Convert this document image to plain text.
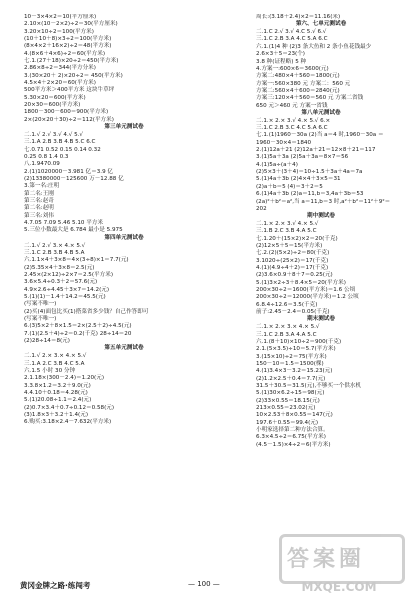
10－3×4×2＝10(平方厘米)
2.10×(10－2×2)÷2＝30(平方厘米)
3.20×10÷2＝100(平方米)
(10＋10＋8)×3÷2＝100(平方米)
(8×4×2＋16×2)÷2＝48(平方米)
4.(8×6＋4×6)÷2＝60(平方米)
七.1.(27＋18)×20÷2＝450(平方米)
2.86×8÷2＝344(平方分米)
3.(30×20＋ 2)×20÷2＝ 450(平方米)
4.5×4＋2×20＝60(平方米)
500平方米＞400平方米 这块牛草坪
5.30×20＝600(平方米)
20×30＝600(平方米)
1800－300－600＝900(平方米)
2×(20×20＋30)÷2＝112(平方米)
第三单元测试卷
二.1.√ 2.√ 3.√ 4.√ 5.√
三.1.A 2.B 3.B 4.B 5.C 6.C
七.0.71 0.52 0.15 0.14 0.32
0.25 0.8 1.4 0.3
八.1.9470.09
2.(1)1020000－3.981 亿＝3.9 亿
(2)13380000－125600 万－12.88 亿
3.第一名:庄明
第二名:王刚
第三名:赵奇
第二名:赵明
第三名:刘伟
4.7.05 7.09 5.46 5.10 平方米
5.三位小数最大是 6.784 最小是 5.975
第四单元测试卷
二.1.√ 2.√ 3.× 4.× 5.√
三.1.C 2.B 3.B 4.B 5.A
六.1.1×4＋3×8＝4×(3÷8)×1＝7.7(元)
(2)5.35×4＋3×8＝2.5(元)
2.45×(2×12)÷2×7＝2.5(平方米)
3.6×5.4÷0.3＋2＝57.6(元)
4.9×2.6÷4.45＋3×7＝14.2(元)
5.(1)(1)－1.4＋14.2＝45.5(元)
(写案不唯一)
(2)买(4)面包比买(1)搭菜省多少钱？自己作答即可
(写案不唯一)
6.(3)5×2＋8×1.5＝2×(2.5＋2)÷4.5(元)
7.(1)(2.5＋4)÷2＝0.2(千克) 28÷14＝20
(2)28÷14＝8(元)
第五单元测试卷
二.1.√ 2.× 3.× 4.× 5.√
三.1.A 2.C 3.B 4.C 5.A
六.1.5 小时 30 分钟
2.1.18×(300－2.4)＝1.20(元)
3.3.8×1.2＝3.2＋9.0(元)
4.4.10＋0.18＝4.28(元)
5.(1)20.08÷1.1＝2.4(元)
(2)0.7×3.4＋0.7÷0.12＝0.58(元)
(3)1.8×3＋3.2＋1.4(元)
6.购买:3.18×2.4－7.632(平方米)
周长:(3.18＋2.4)×2＝11.16(米)
第六、七单元测试卷
二.1.C 2.√ 3.√ 4.C 5.√ 6.√
三.1.C 2.B 3.A 4.C 5.A 6.C
六.1.(1)4 种 (2)3 条大鱼和 2 条小鱼花钱最少
2.6×3＋5＝23(个)
3.8 种(证程略) 5 种
4.方案一:600×6＝3600(元)
方案二:480×4＋560＝1800(元)
方案一:560×380 元 方案二：560 元
方案二:560×4＋600＝2840(元)
方案三:120×4＋560＝560 元 方案二省钱
650 元＞460 元 方案一省钱
第八单元测试卷
二.1.× 2.× 3.√ 4.× 5.√ 6.×
三.1.C 2.B 3.C 4.C 5.A 6.C
七.1.(1)1960－30a (2)当 a＝4 时,1960－30a ＝
1960－30×4＝1840
2.(1)12a＋21 (2)12a＋21＝12×8＋21＝117
3.(1)5a＋3a (2)5a＋3a＝8×7＝56
4.(1)5a÷(a＋4)
(2)5×3＋(3＋4)＝10÷1.5＋3a＋4a＝7a
5.(1)4a＋3b (2)4×4＋3×5＝31
(2)a＋b＝5 (4)＝3＋2＝5
6.(1)4a＋3b (2)a＝11,b＝3,4a＋3b＝53
(2a)²＋b²＝a²,当 a＝11,b＝3 时,a²＋b²＝11²＋9²＝
202
期中测试卷
二.1.× 2.× 3.√ 4.× 5.√
三.1.B 2.C 3.B 4.A 5.C
七.1.20＋(15×2)×2＝20(千克)
(2)12×5＋5＝15(平方米)
七.2.(2)(5×2)÷2＝80(千克)
3.1020÷(25×2)＝17(千克)
4.(1)(4.9÷4＋2)＝17(千克)
(2)3.6×0.9＋8＋7＝0.25(元)
5.(1)3×2÷3＋8.4×5＝20(平方米)
200×30÷2＝1600(平方米)＝1.6 公顷
200×30÷2＝12000(平方米)＝1.2 公顷
6.8.4÷12.6＝3.5(千克)
前子:2.45－2.4＝0.05(千克)
期末测试卷
二.1.× 2.× 3.× 4.× 5.√
三.1.C 2.B 3.A 4.A 5.C
六.1.(8＋10)×10÷2＝900(千克)
2.1.(5×3.5)÷10＝5.7(平方米)
3.(15×10)÷2＝75(平方米)
150－10＝1.5＝1500(棵)
4.(1)3.4×3－3.2＝15.23(元)
(2)1.2×2.5＋0.4＝7.7(元)
31.5＋30.5＝31.5(元),不够买一个供水机
5.(1)30×6.2÷15＝98(元)
(2)33×0.55＝18.15(元)
213×0.55＝23.02(元)
10×2.53＋8×0.55＝147(元)
197.6＋0.55＝99.4(元)
小明家选择第二种方法合算。
6.3×4.5÷2＝6.75(平方米)
(4.5－1.5)×4÷2＝6(平方米)
黄冈金牌之路·练闯考	— 100 —
答案圈
MXQE.COM
